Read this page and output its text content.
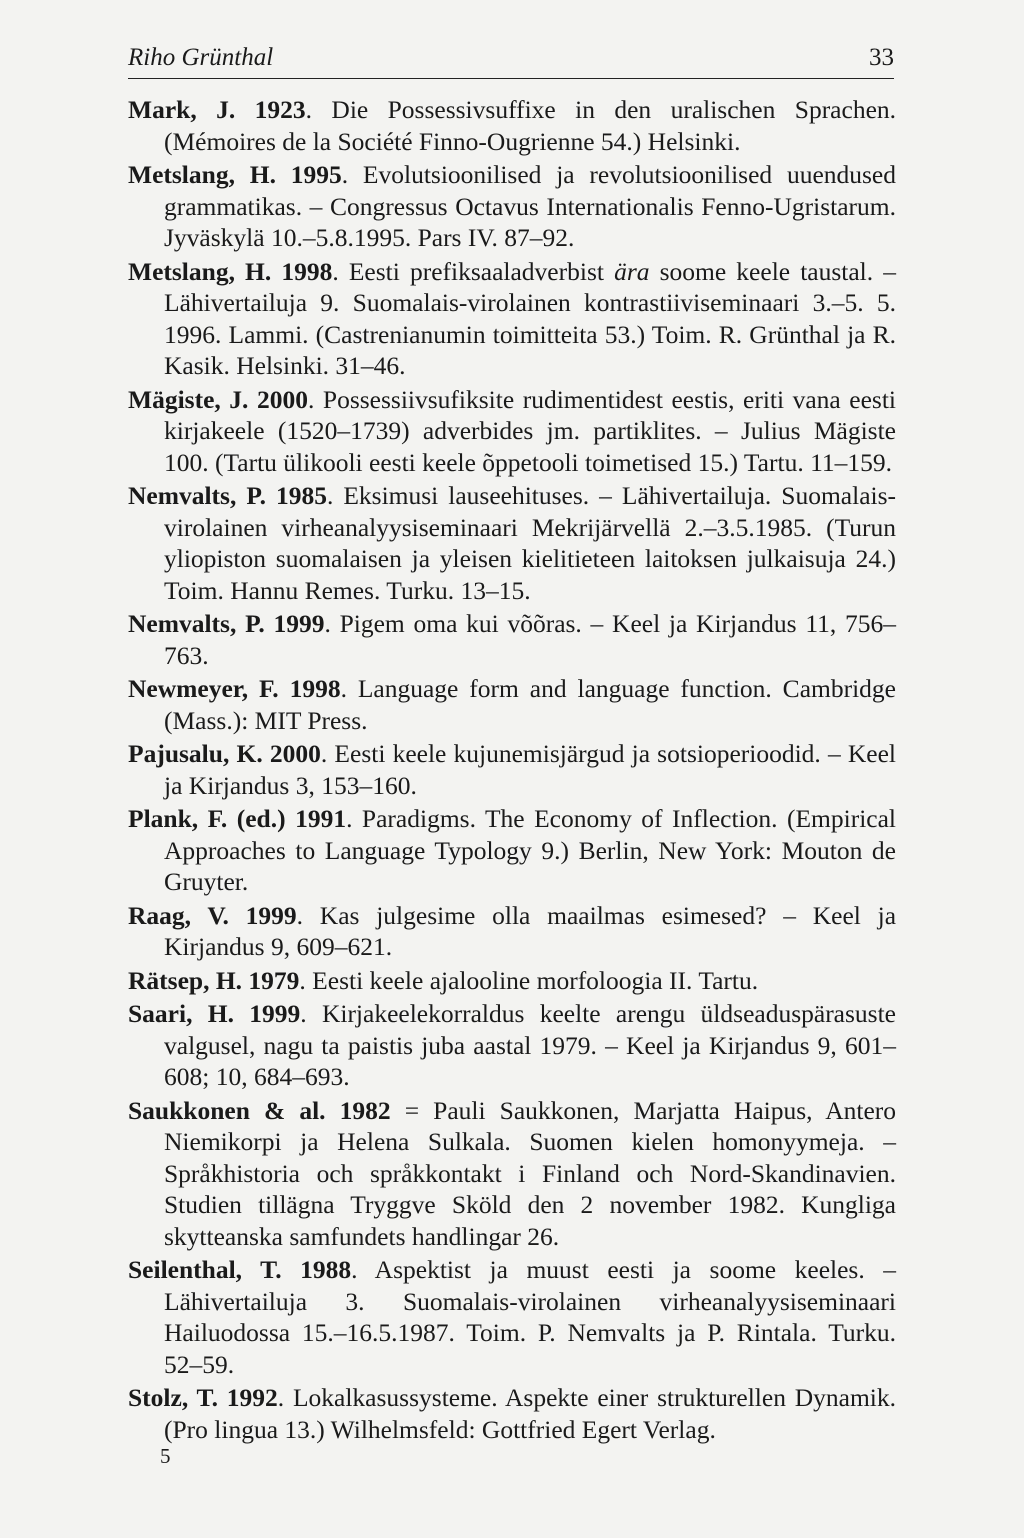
Riho Grünthal	33

Mark, J. 1923. Die Possessivsuffixe in den uralischen Sprachen. (Mémoires de la Société Finno-Ougrienne 54.) Helsinki.

Metslang, H. 1995. Evolutsioonilised ja revolutsioonilised uuendused grammatikas. – Congressus Octavus Internationalis Fenno-Ugristarum. Jyväskylä 10.–5.8.1995. Pars IV. 87–92.

Metslang, H. 1998. Eesti prefiksaaladverbist ära soome keele taustal. – Lähivertailuja 9. Suomalais-virolainen kontrastiiviseminaari 3.–5. 5. 1996. Lammi. (Castrenianumin toimitteita 53.) Toim. R. Grünthal ja R. Kasik. Helsinki. 31–46.

Mägiste, J. 2000. Possessiivsufiksite rudimentidest eestis, eriti vana eesti kirjakeele (1520–1739) adverbides jm. partiklites. – Julius Mägiste 100. (Tartu ülikooli eesti keele õppetooli toimetised 15.) Tartu. 11–159.

Nemvalts, P. 1985. Eksimusi lauseehituses. – Lähivertailuja. Suomalais-virolainen virheanalyysiseminaari Mekrijärvellä 2.–3.5.1985. (Turun yliopiston suomalaisen ja yleisen kielitieteen laitoksen julkaisuja 24.) Toim. Hannu Remes. Turku. 13–15.

Nemvalts, P. 1999. Pigem oma kui võõras. – Keel ja Kirjandus 11, 756–763.

Newmeyer, F. 1998. Language form and language function. Cambridge (Mass.): MIT Press.

Pajusalu, K. 2000. Eesti keele kujunemisjärgud ja sotsioperioodid. – Keel ja Kirjandus 3, 153–160.

Plank, F. (ed.) 1991. Paradigms. The Economy of Inflection. (Empirical Approaches to Language Typology 9.) Berlin, New York: Mouton de Gruyter.

Raag, V. 1999. Kas julgesime olla maailmas esimesed? – Keel ja Kirjandus 9, 609–621.

Rätsep, H. 1979. Eesti keele ajalooline morfoloogia II. Tartu.

Saari, H. 1999. Kirjakeelekorraldus keelte arengu üldseaduspärasuste valgusel, nagu ta paistis juba aastal 1979. – Keel ja Kirjandus 9, 601–608; 10, 684–693.

Saukkonen & al. 1982 = Pauli Saukkonen, Marjatta Haipus, Antero Niemikorpi ja Helena Sulkala. Suomen kielen homonyymeja. – Språkhistoria och språkkontakt i Finland och Nord-Skandinavien. Studien tillägna Tryggve Sköld den 2 november 1982. Kungliga skytteanska samfundets handlingar 26.

Seilenthal, T. 1988. Aspektist ja muust eesti ja soome keeles. – Lähivertailuja 3. Suomalais-virolainen virheanalyysiseminaari Hailuodossa 15.–16.5.1987. Toim. P. Nemvalts ja P. Rintala. Turku. 52–59.

Stolz, T. 1992. Lokalkasussysteme. Aspekte einer strukturellen Dynamik. (Pro lingua 13.) Wilhelmsfeld: Gottfried Egert Verlag.

5
